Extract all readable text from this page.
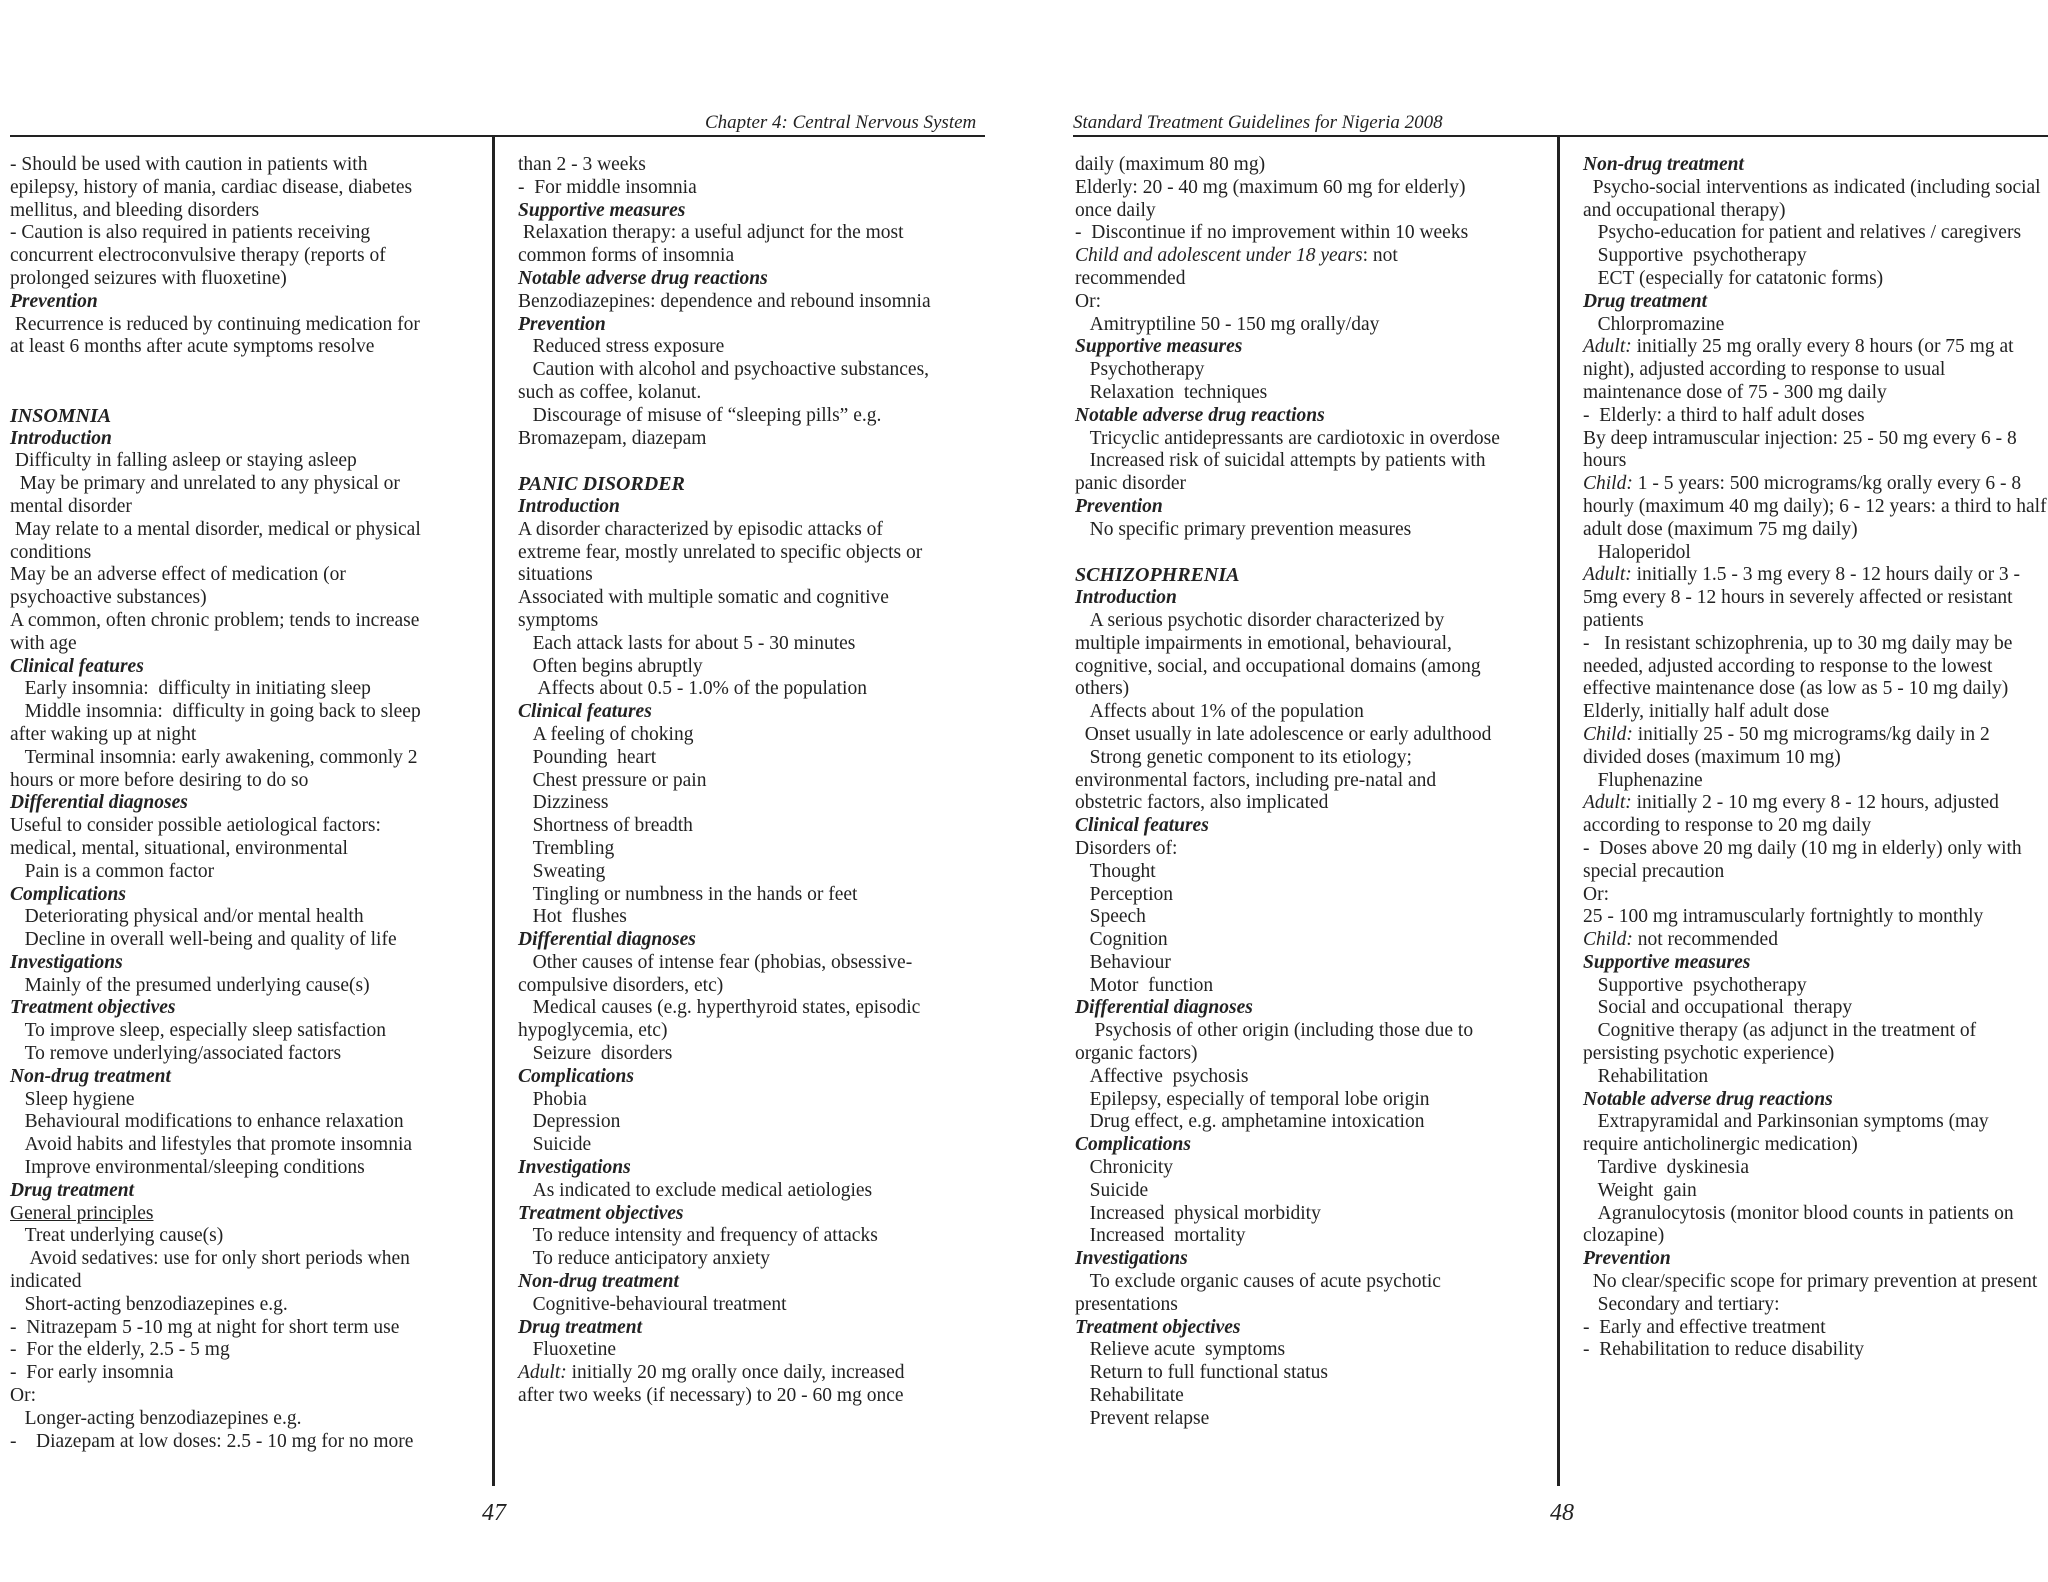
Chapter 4: Central Nervous System	Standard Treatment Guidelines for Nigeria 2008
- Should be used with caution in patients with epilepsy, history of mania, cardiac disease, diabetes mellitus, and bleeding disorders
- Caution is also required in patients receiving concurrent electroconvulsive therapy (reports of prolonged seizures with fluoxetine)
Prevention
Recurrence is reduced by continuing medication for at least 6 months after acute symptoms resolve
INSOMNIA
Introduction
Difficulty in falling asleep or staying asleep
May be primary and unrelated to any physical or mental disorder
May relate to a mental disorder, medical or physical conditions
May be an adverse effect of medication (or psychoactive substances)
A common, often chronic problem; tends to increase with age
Clinical features
Early insomnia:  difficulty in initiating sleep
Middle insomnia:  difficulty in going back to sleep after waking up at night
Terminal insomnia: early awakening, commonly 2 hours or more before desiring to do so
Differential diagnoses
Useful to consider possible aetiological factors: medical, mental, situational, environmental
Pain is a common factor
Complications
Deteriorating physical and/or mental health
Decline in overall well-being and quality of life
Investigations
Mainly of the presumed underlying cause(s)
Treatment objectives
To improve sleep, especially sleep satisfaction
To remove underlying/associated factors
Non-drug treatment
Sleep hygiene
Behavioural modifications to enhance relaxation
Avoid habits and lifestyles that promote insomnia
Improve environmental/sleeping conditions
Drug treatment
General principles
Treat underlying cause(s)
Avoid sedatives: use for only short periods when indicated
Short-acting benzodiazepines e.g.
-  Nitrazepam 5 -10 mg at night for short term use
-  For the elderly, 2.5 - 5 mg
-  For early insomnia
Or:
Longer-acting benzodiazepines e.g.
-    Diazepam at low doses: 2.5 - 10 mg for no more
than 2 - 3 weeks
-  For middle insomnia
Supportive measures
Relaxation therapy: a useful adjunct for the most common forms of insomnia
Notable adverse drug reactions
Benzodiazepines: dependence and rebound insomnia
Prevention
Reduced stress exposure
Caution with alcohol and psychoactive substances, such as coffee, kolanut.
Discourage of misuse of “sleeping pills” e.g. Bromazepam, diazepam
PANIC DISORDER
Introduction
A disorder characterized by episodic attacks of extreme fear, mostly unrelated to specific objects or situations
Associated with multiple somatic and cognitive symptoms
Each attack lasts for about 5 - 30 minutes
Often begins abruptly
Affects about 0.5 - 1.0% of the population
Clinical features
A feeling of choking
Pounding  heart
Chest pressure or pain
Dizziness
Shortness of breadth
Trembling
Sweating
Tingling or numbness in the hands or feet
Hot  flushes
Differential diagnoses
Other causes of intense fear (phobias, obsessive-compulsive disorders, etc)
Medical causes (e.g. hyperthyroid states, episodic hypoglycemia, etc)
Seizure  disorders
Complications
Phobia
Depression
Suicide
Investigations
As indicated to exclude medical aetiologies
Treatment objectives
To reduce intensity and frequency of attacks
To reduce anticipatory anxiety
Non-drug treatment
Cognitive-behavioural treatment
Drug treatment
Fluoxetine
Adult: initially 20 mg orally once daily, increased after two weeks (if necessary) to 20 - 60 mg once
daily (maximum 80 mg)
Elderly: 20 - 40 mg (maximum 60 mg for elderly) once daily
-  Discontinue if no improvement within 10 weeks
Child and adolescent under 18 years: not recommended
Or:
Amitryptiline 50 - 150 mg orally/day
Supportive measures
Psychotherapy
Relaxation  techniques
Notable adverse drug reactions
Tricyclic antidepressants are cardiotoxic in overdose
Increased risk of suicidal attempts by patients with panic disorder
Prevention
No specific primary prevention measures
SCHIZOPHRENIA
Introduction
A serious psychotic disorder characterized by multiple impairments in emotional, behavioural, cognitive, social, and occupational domains (among others)
Affects about 1% of the population
Onset usually in late adolescence or early adulthood
Strong genetic component to its etiology; environmental factors, including pre-natal and obstetric factors, also implicated
Clinical features
Disorders of:
Thought
Perception
Speech
Cognition
Behaviour
Motor  function
Differential diagnoses
Psychosis of other origin (including those due to organic factors)
Affective  psychosis
Epilepsy, especially of temporal lobe origin
Drug effect, e.g. amphetamine intoxication
Complications
Chronicity
Suicide
Increased  physical morbidity
Increased  mortality
Investigations
To exclude organic causes of acute psychotic presentations
Treatment objectives
Relieve acute  symptoms
Return to full functional status
Rehabilitate
Prevent relapse
Non-drug treatment
Psycho-social interventions as indicated (including social and occupational therapy)
Psycho-education for patient and relatives / caregivers
Supportive  psychotherapy
ECT (especially for catatonic forms)
Drug treatment
Chlorpromazine
Adult: initially 25 mg orally every 8 hours (or 75 mg at night), adjusted according to response to usual maintenance dose of 75 - 300 mg daily
-  Elderly: a third to half adult doses
By deep intramuscular injection: 25 - 50 mg every 6 - 8 hours
Child: 1 - 5 years: 500 micrograms/kg orally every 6 - 8 hourly (maximum 40 mg daily); 6 - 12 years: a third to half adult dose (maximum 75 mg daily)
Haloperidol
Adult: initially 1.5 - 3 mg every 8 - 12 hours daily or 3 - 5mg every 8 - 12 hours in severely affected or resistant patients
-   In resistant schizophrenia, up to 30 mg daily may be needed, adjusted according to response to the lowest effective maintenance dose (as low as 5 - 10 mg daily)
Elderly, initially half adult dose
Child: initially 25 - 50 mg micrograms/kg daily in 2 divided doses (maximum 10 mg)
Fluphenazine
Adult: initially 2 - 10 mg every 8 - 12 hours, adjusted according to response to 20 mg daily
-  Doses above 20 mg daily (10 mg in elderly) only with special precaution
Or:
25 - 100 mg intramuscularly fortnightly to monthly
Child: not recommended
Supportive measures
Supportive  psychotherapy
Social and occupational  therapy
Cognitive therapy (as adjunct in the treatment of persisting psychotic experience)
Rehabilitation
Notable adverse drug reactions
Extrapyramidal and Parkinsonian symptoms (may require anticholinergic medication)
Tardive  dyskinesia
Weight  gain
Agranulocytosis (monitor blood counts in patients on clozapine)
Prevention
No clear/specific scope for primary prevention at present
Secondary and tertiary:
-  Early and effective treatment
-  Rehabilitation to reduce disability
47	48
